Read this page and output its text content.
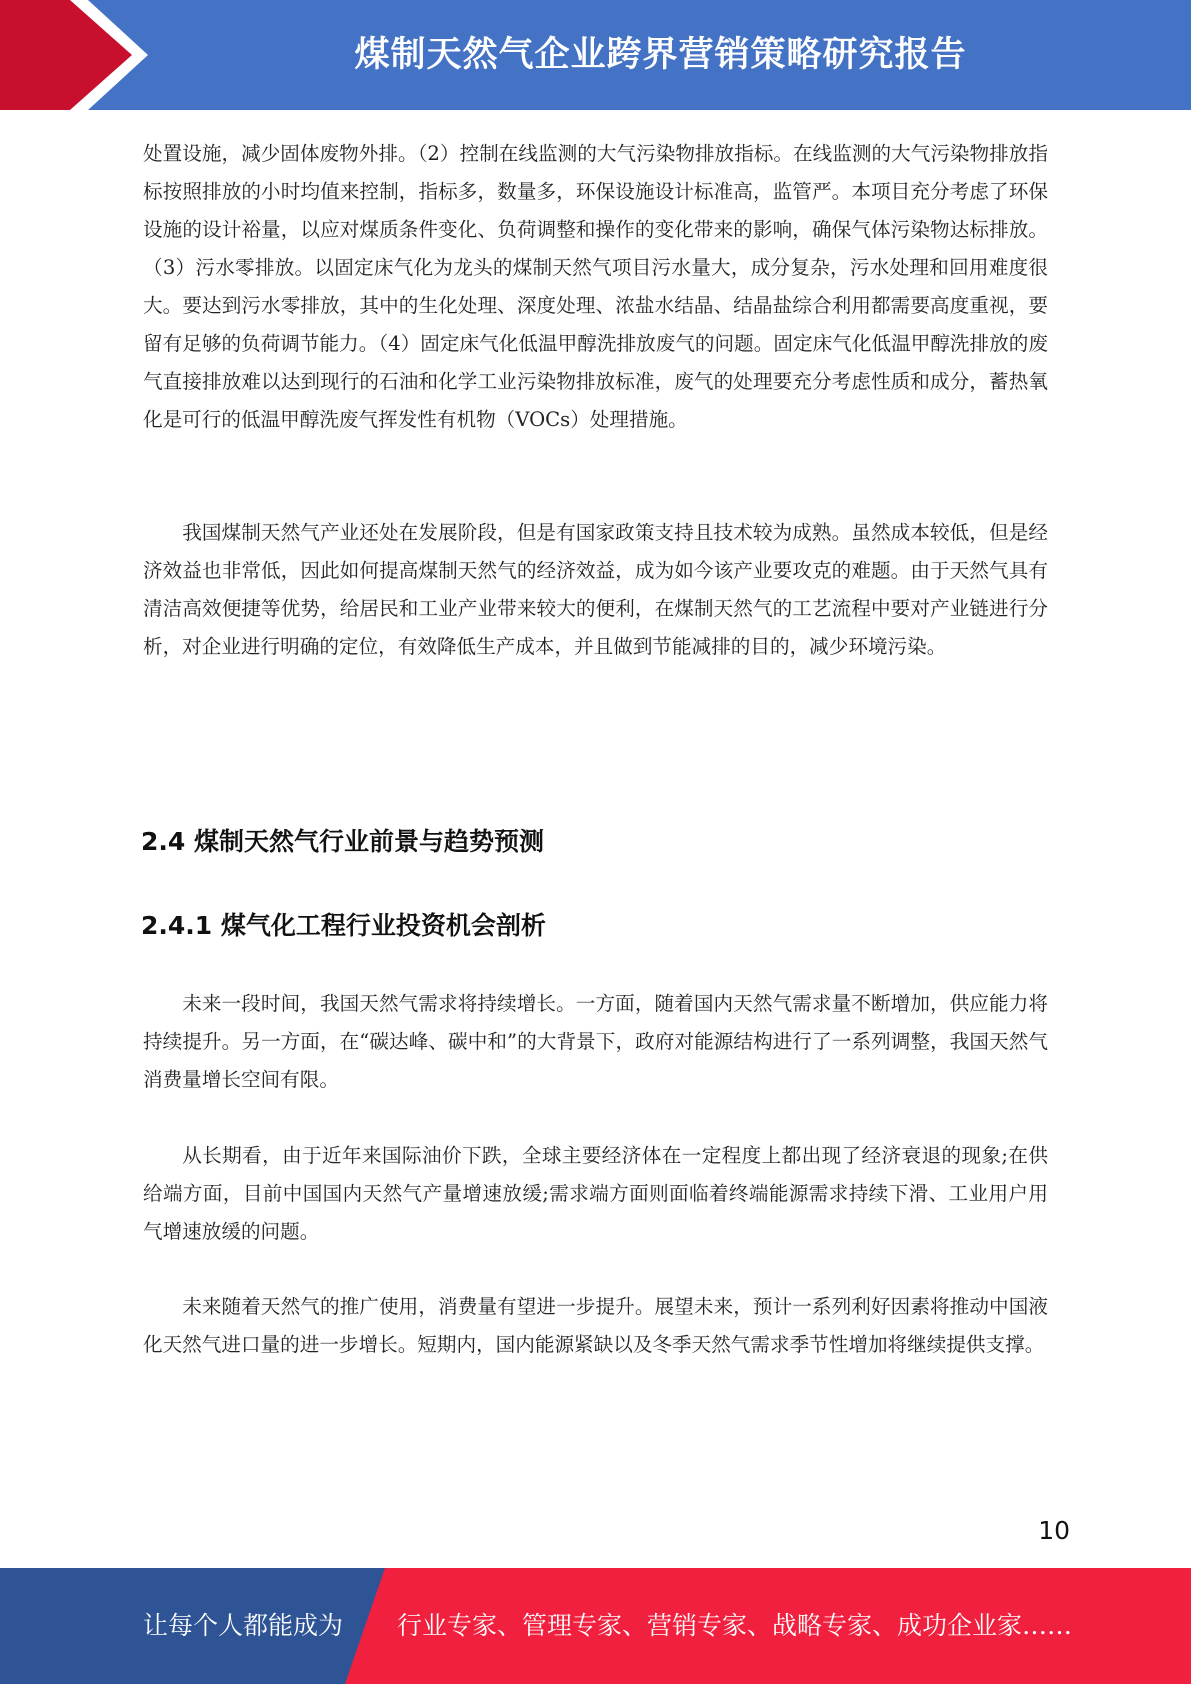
煤制天然气企业跨界营销策略研究报告

处置设施，减少固体废物外排。（2）控制在线监测的大气污染物排放指标。在线监测的大气污染物排放指标按照排放的小时均值来控制，指标多，数量多，环保设施设计标准高，监管严。本项目充分考虑了环保设施的设计裕量，以应对煤质条件变化、负荷调整和操作的变化带来的影响，确保气体污染物达标排放。（3）污水零排放。以固定床气化为龙头的煤制天然气项目污水量大，成分复杂，污水处理和回用难度很大。要达到污水零排放，其中的生化处理、深度处理、浓盐水结晶、结晶盐综合利用都需要高度重视，要留有足够的负荷调节能力。（4）固定床气化低温甲醇洗排放废气的问题。固定床气化低温甲醇洗排放的废气直接排放难以达到现行的石油和化学工业污染物排放标准，废气的处理要充分考虑性质和成分，蓄热氧化是可行的低温甲醇洗废气挥发性有机物（VOCs）处理措施。

我国煤制天然气产业还处在发展阶段，但是有国家政策支持且技术较为成熟。虽然成本较低，但是经济效益也非常低，因此如何提高煤制天然气的经济效益，成为如今该产业要攻克的难题。由于天然气具有清洁高效便捷等优势，给居民和工业产业带来较大的便利，在煤制天然气的工艺流程中要对产业链进行分析，对企业进行明确的定位，有效降低生产成本，并且做到节能减排的目的，减少环境污染。

2.4 煤制天然气行业前景与趋势预测
2.4.1 煤气化工程行业投资机会剖析

未来一段时间，我国天然气需求将持续增长。一方面，随着国内天然气需求量不断增加，供应能力将持续提升。另一方面，在“碳达峰、碳中和”的大背景下，政府对能源结构进行了一系列调整，我国天然气消费量增长空间有限。

从长期看，由于近年来国际油价下跌，全球主要经济体在一定程度上都出现了经济衰退的现象;在供给端方面，目前中国国内天然气产量增速放缓;需求端方面则面临着终端能源需求持续下滑、工业用户用气增速放缓的问题。

未来随着天然气的推广使用，消费量有望进一步提升。展望未来，预计一系列利好因素将推动中国液化天然气进口量的进一步增长。短期内，国内能源紧缺以及冬季天然气需求季节性增加将继续提供支撑。

10
让每个人都能成为 行业专家、管理专家、营销专家、战略专家、成功企业家……
